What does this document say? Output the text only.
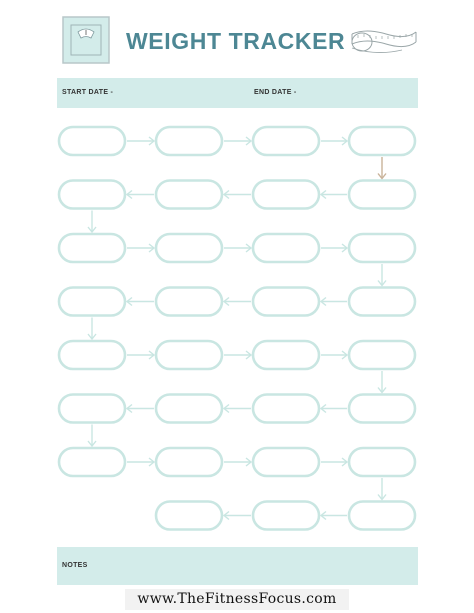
WEIGHT TRACKER
START DATE -	END DATE -
NOTES
www.TheFitnessFocus.com
